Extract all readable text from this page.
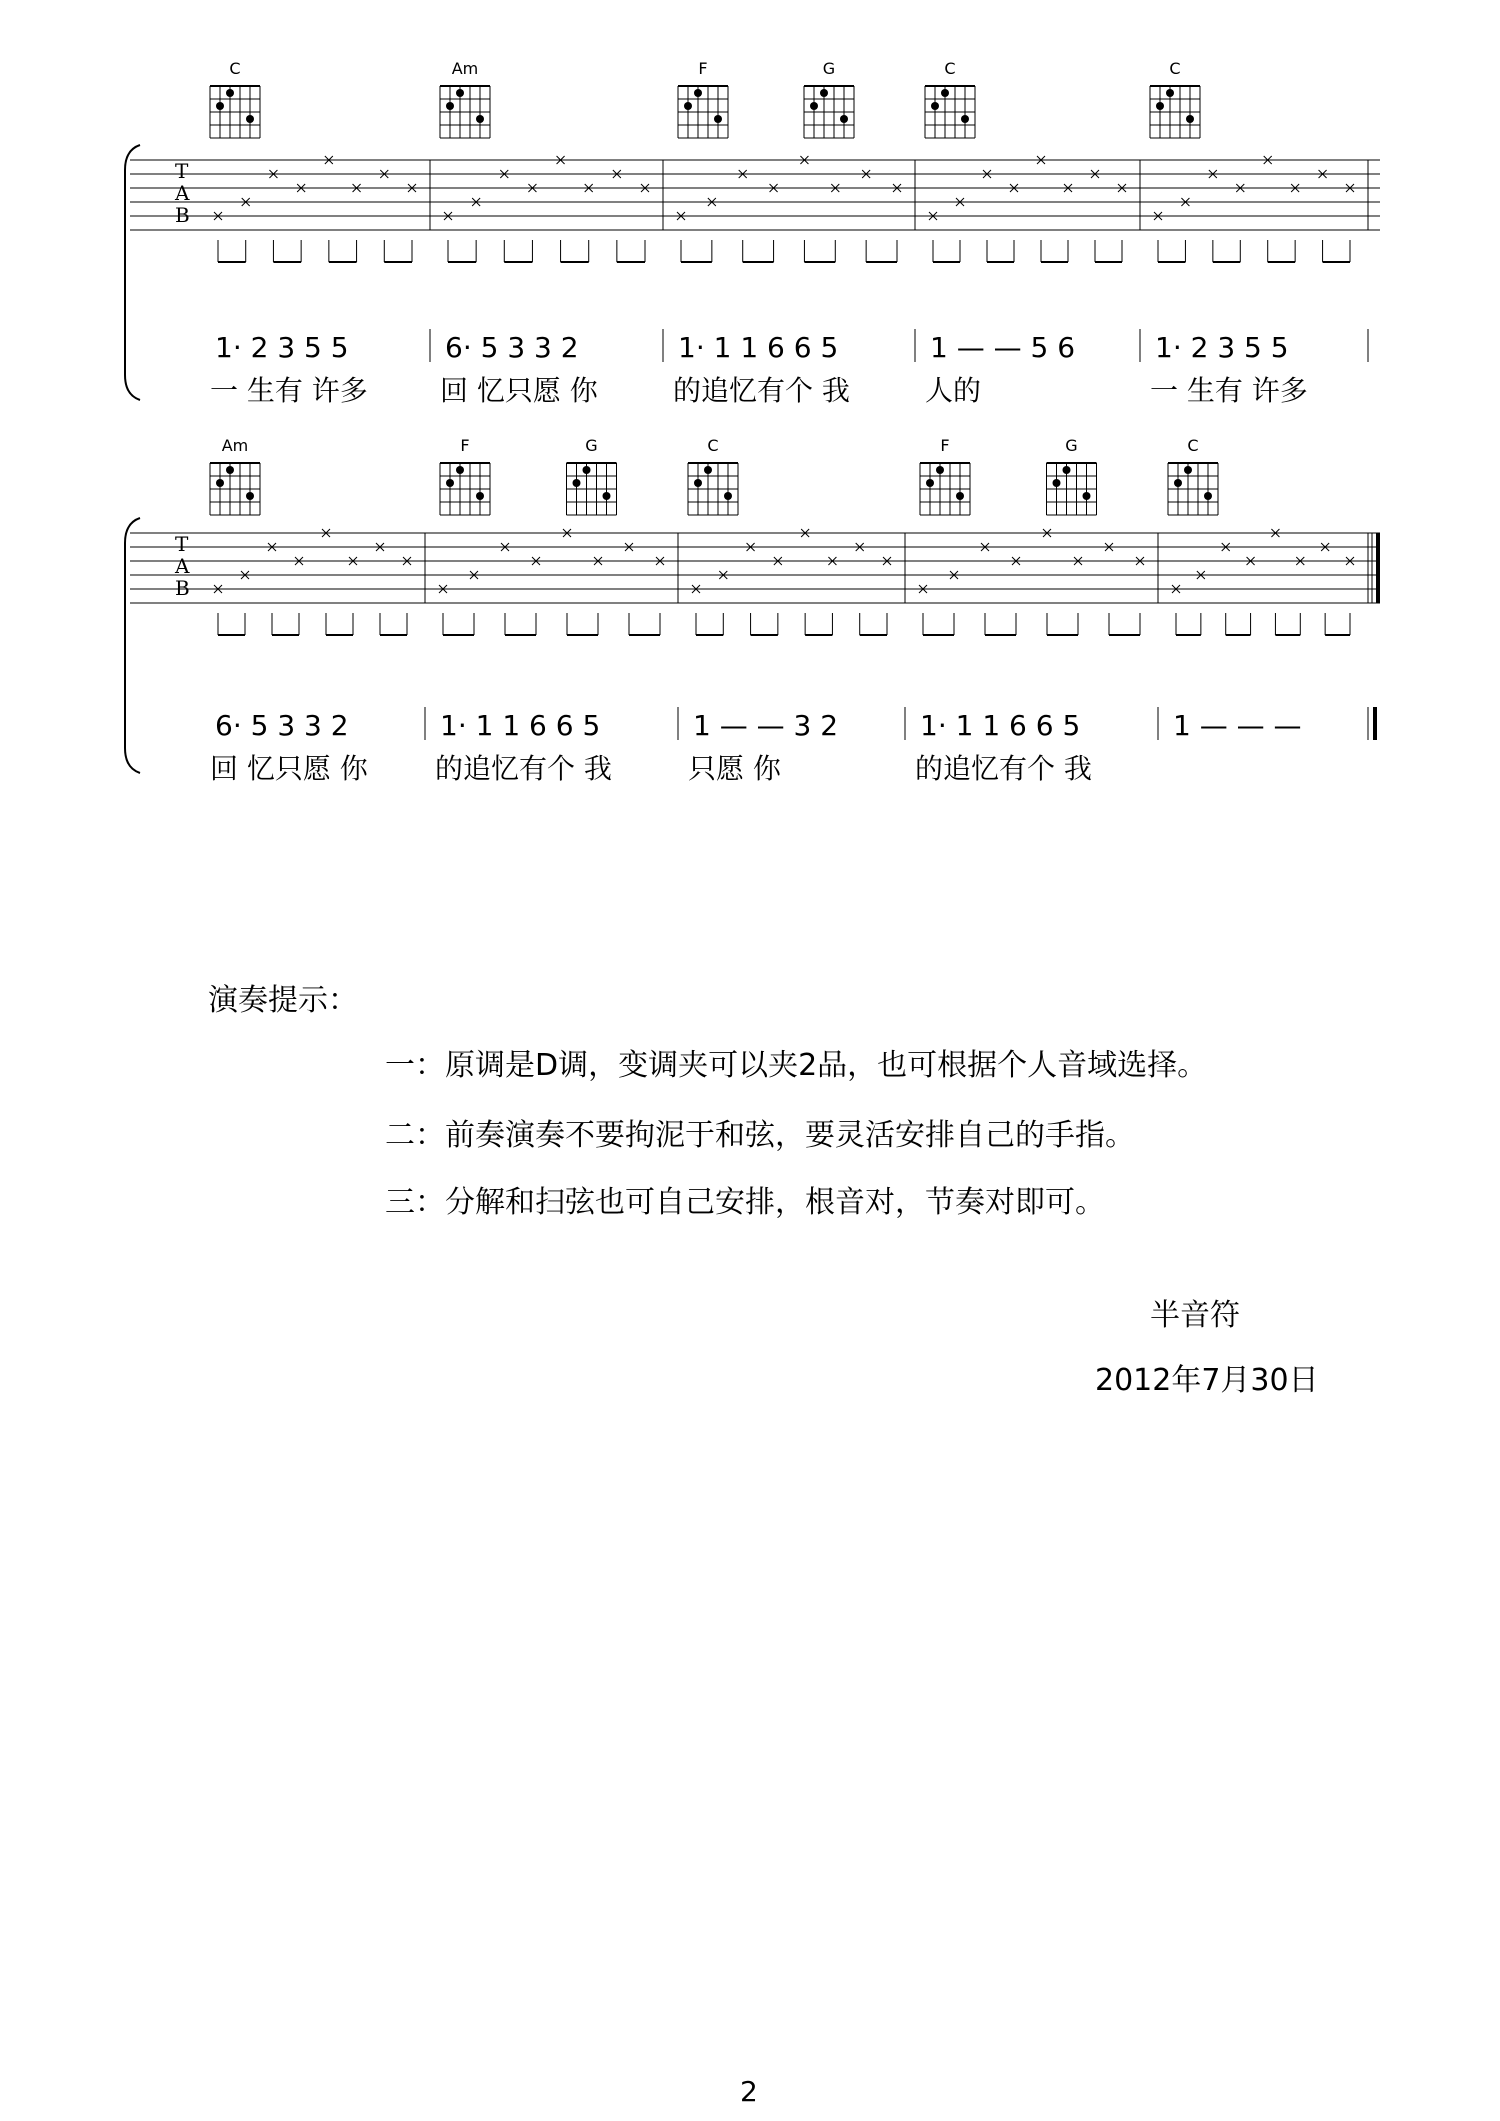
T
A
B
1· 2 3 5 5
一 生有 许多
6· 5 3 3 2
回 忆只愿 你
1· 1 1 6 6 5
的追忆有个 我
1 — — 5 6
人的
1· 2 3 5 5
一 生有 许多
C	Am	F	G	C	C
T
A
B
6· 5 3 3 2
回 忆只愿 你
1· 1 1 6 6 5
的追忆有个 我
1 — — 3 2
只愿 你
1· 1 1 6 6 5
的追忆有个 我
1 — — —
Am	F	G	C	F	G	C
演奏提示：
一：原调是D调，变调夹可以夹2品，也可根据个人音域选择。
二：前奏演奏不要拘泥于和弦，要灵活安排自己的手指。
三：分解和扫弦也可自己安排，根音对，节奏对即可。
半音符
2012年7月30日
2
